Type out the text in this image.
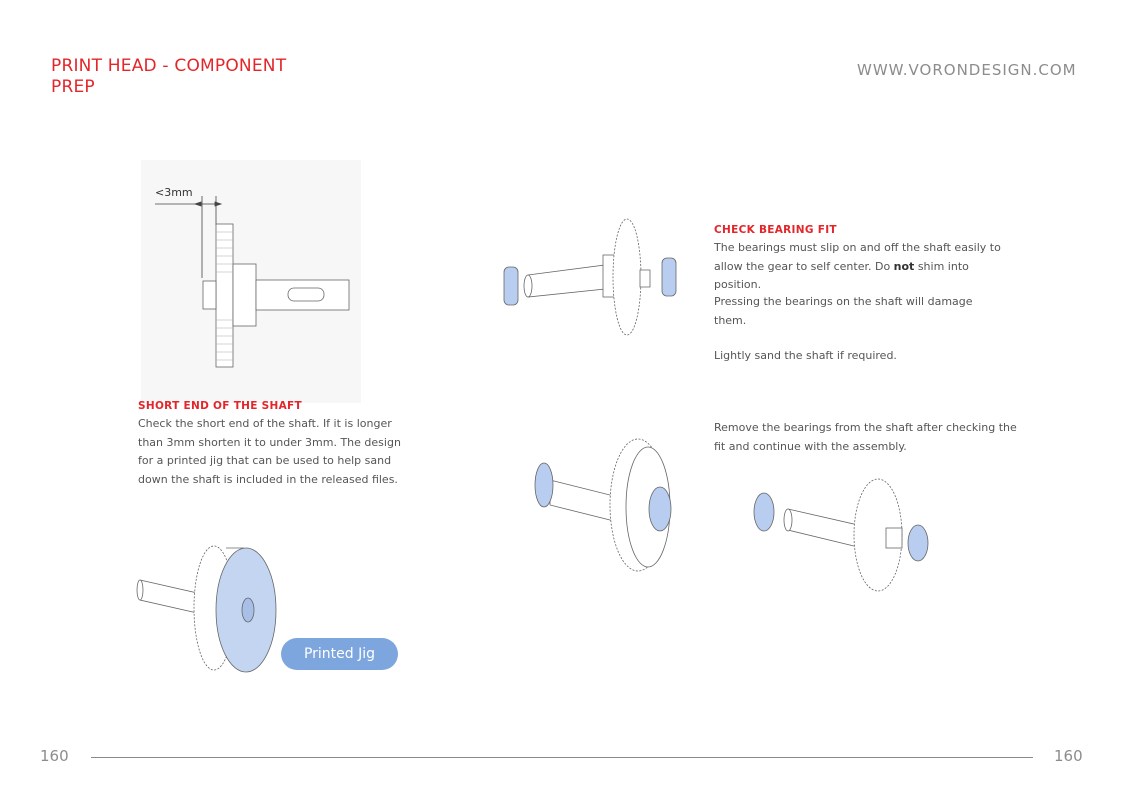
PRINT HEAD - COMPONENT
PREP
WWW.VORONDESIGN.COM
<3mm
SHORT END OF THE SHAFT
Check the short end of the shaft. If it is longer than 3mm shorten it to under 3mm. The design for a printed jig that can be used to help sand down the shaft is included in the released files.
Printed Jig
CHECK BEARING FIT
The bearings must slip on and off the shaft easily to allow the gear to self center. Do not shim into position.
Pressing the bearings on the shaft will damage them.
Lightly sand the shaft if required.
Remove the bearings from the shaft after checking the fit and continue with the assembly.
160	160
